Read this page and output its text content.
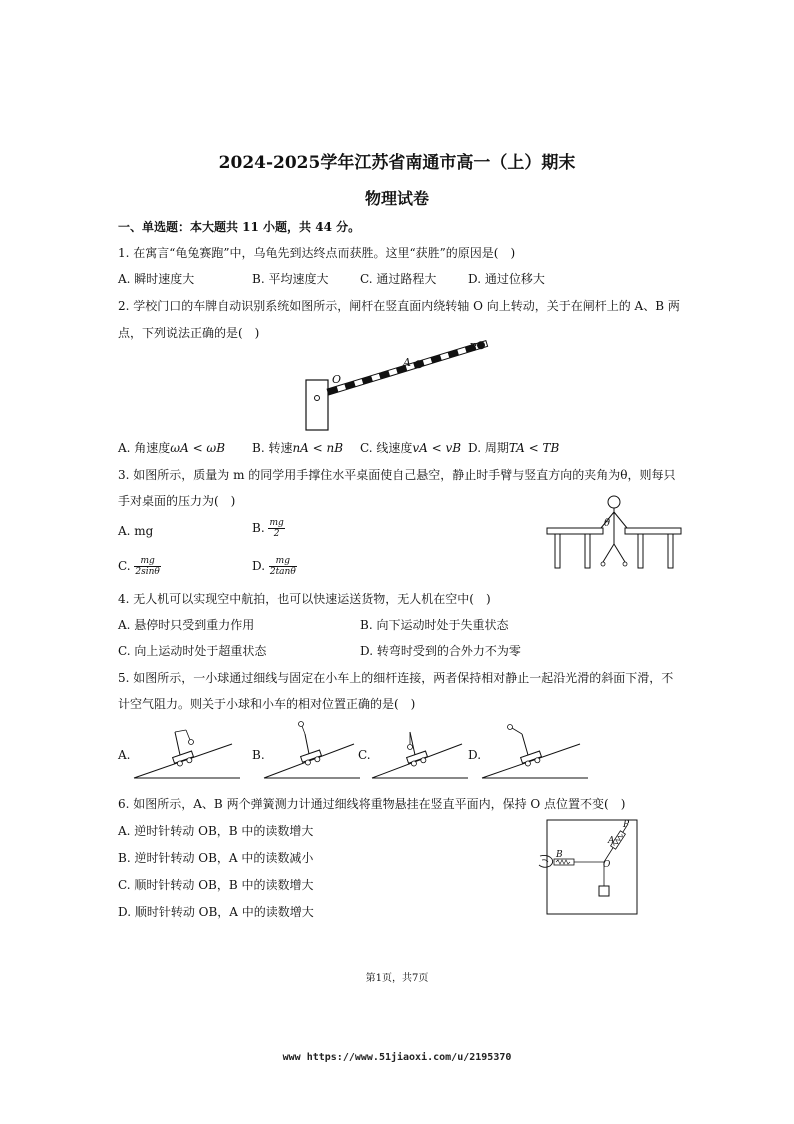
2024-2025学年江苏省南通市高一（上）期末
物理试卷
一、单选题：本大题共 11 小题，共 44 分。
1. 在寓言“龟兔赛跑”中，乌龟先到达终点而获胜。这里“获胜”的原因是(　)
A. 瞬时速度大	B. 平均速度大	C. 通过路程大	D. 通过位移大
2. 学校门口的车牌自动识别系统如图所示，闸杆在竖直面内绕转轴 O 向上转动，关于在闸杆上的 A、B 两
点，下列说法正确的是(　)
O
A
B
A. 角速度ωA < ωB B. 转速nA < nB C. 线速度vA < vB D. 周期TA < TB
3. 如图所示，质量为 m 的同学用手撑住水平桌面使自己悬空，静止时手臂与竖直方向的夹角为θ，则每只
手对桌面的压力为(　)
A. mg	B. $\frac{mg}{2}$
C. $\frac{mg}{2\sin\theta}$	D. $\frac{mg}{2\tan\theta}$
θ
4. 无人机可以实现空中航拍，也可以快速运送货物，无人机在空中(　)
A. 悬停时只受到重力作用	B. 向下运动时处于失重状态
C. 向上运动时处于超重状态	D. 转弯时受到的合外力不为零
5. 如图所示，一小球通过细线与固定在小车上的细杆连接，两者保持相对静止一起沿光滑的斜面下滑，不
计空气阻力。则关于小球和小车的相对位置正确的是(　)
A.	B.	C.	D.
6. 如图所示，A、B 两个弹簧测力计通过细线将重物悬挂在竖直平面内，保持 O 点位置不变(　)
A. 逆时针转动 OB，B 中的读数增大
B. 逆时针转动 OB，A 中的读数减小
C. 顺时针转动 OB，B 中的读数增大
D. 顺时针转动 OB，A 中的读数增大
P
A
B
O
第1页，共7页
www https://www.51jiaoxi.com/u/2195370
